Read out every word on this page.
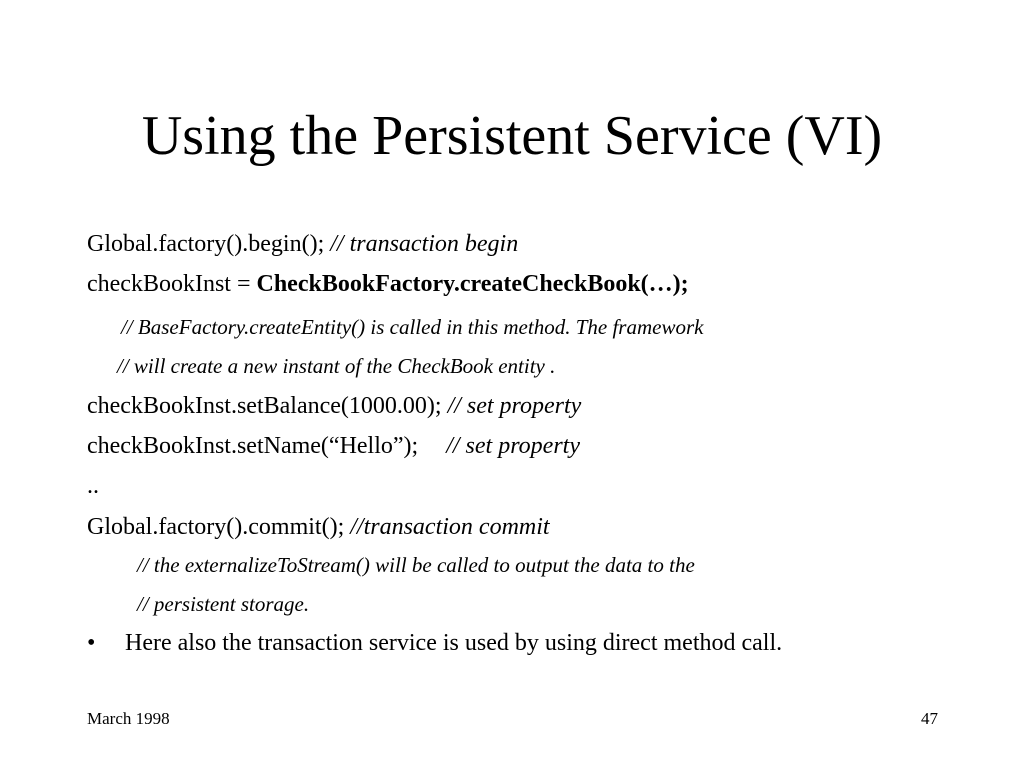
Using the Persistent Service (VI)
Global.factory().begin(); // transaction begin
checkBookInst = CheckBookFactory.createCheckBook(…);
// BaseFactory.createEntity() is called in this method. The framework
// will create a new instant of the CheckBook entity .
checkBookInst.setBalance(1000.00); // set property
checkBookInst.setName(“Hello”); // set property
..
Global.factory().commit(); //transaction commit
// the externalizeToStream() will be called to output the data to the
// persistent storage.
• Here also the transaction service is used by using direct method call.
March 1998	47
